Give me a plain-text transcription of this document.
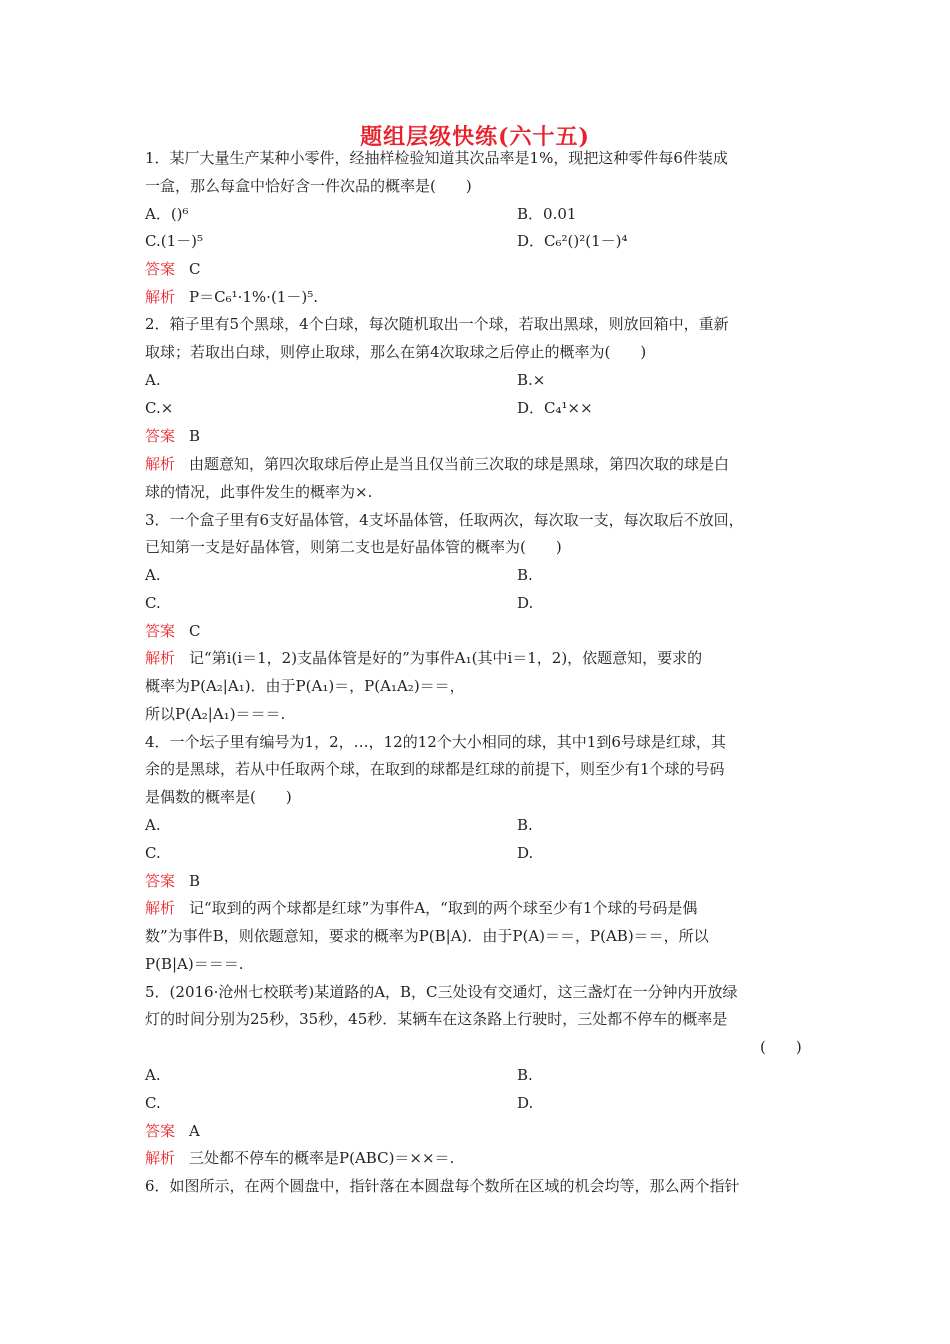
题组层级快练(六十五)
1．某厂大量生产某种小零件，经抽样检验知道其次品率是1%，现把这种零件每6件装成
一盒，那么每盒中恰好含一件次品的概率是(　　)
A．()⁶	B．0.01
C.(1－)⁵	D．C₆²()²(1－)⁴
答案 C
解析 P＝C₆¹·1%·(1－)⁵.
2．箱子里有5个黑球，4个白球，每次随机取出一个球，若取出黑球，则放回箱中，重新
取球；若取出白球，则停止取球，那么在第4次取球之后停止的概率为(　　)
A.	B.×
C.×	D．C₄¹××
答案 B
解析 由题意知，第四次取球后停止是当且仅当前三次取的球是黑球，第四次取的球是白
球的情况，此事件发生的概率为×.
3．一个盒子里有6支好晶体管，4支坏晶体管，任取两次，每次取一支，每次取后不放回，
已知第一支是好晶体管，则第二支也是好晶体管的概率为(　　)
A.	B.
C.	D.
答案 C
解析 记“第i(i＝1，2)支晶体管是好的”为事件A₁(其中i＝1，2)，依题意知，要求的
概率为P(A₂|A₁)．由于P(A₁)＝，P(A₁A₂)＝＝，
所以P(A₂|A₁)＝＝＝.
4．一个坛子里有编号为1，2，…，12的12个大小相同的球，其中1到6号球是红球，其
余的是黑球，若从中任取两个球，在取到的球都是红球的前提下，则至少有1个球的号码
是偶数的概率是(　　)
A.	B.
C.	D.
答案 B
解析 记“取到的两个球都是红球”为事件A，“取到的两个球至少有1个球的号码是偶
数”为事件B，则依题意知，要求的概率为P(B|A)．由于P(A)＝＝，P(AB)＝＝，所以
P(B|A)＝＝＝.
5．(2016·沧州七校联考)某道路的A，B，C三处设有交通灯，这三盏灯在一分钟内开放绿
灯的时间分别为25秒，35秒，45秒．某辆车在这条路上行驶时，三处都不停车的概率是
(　　)
A.	B.
C.	D.
答案 A
解析 三处都不停车的概率是P(ABC)＝××＝.
6．如图所示，在两个圆盘中，指针落在本圆盘每个数所在区域的机会均等，那么两个指针
